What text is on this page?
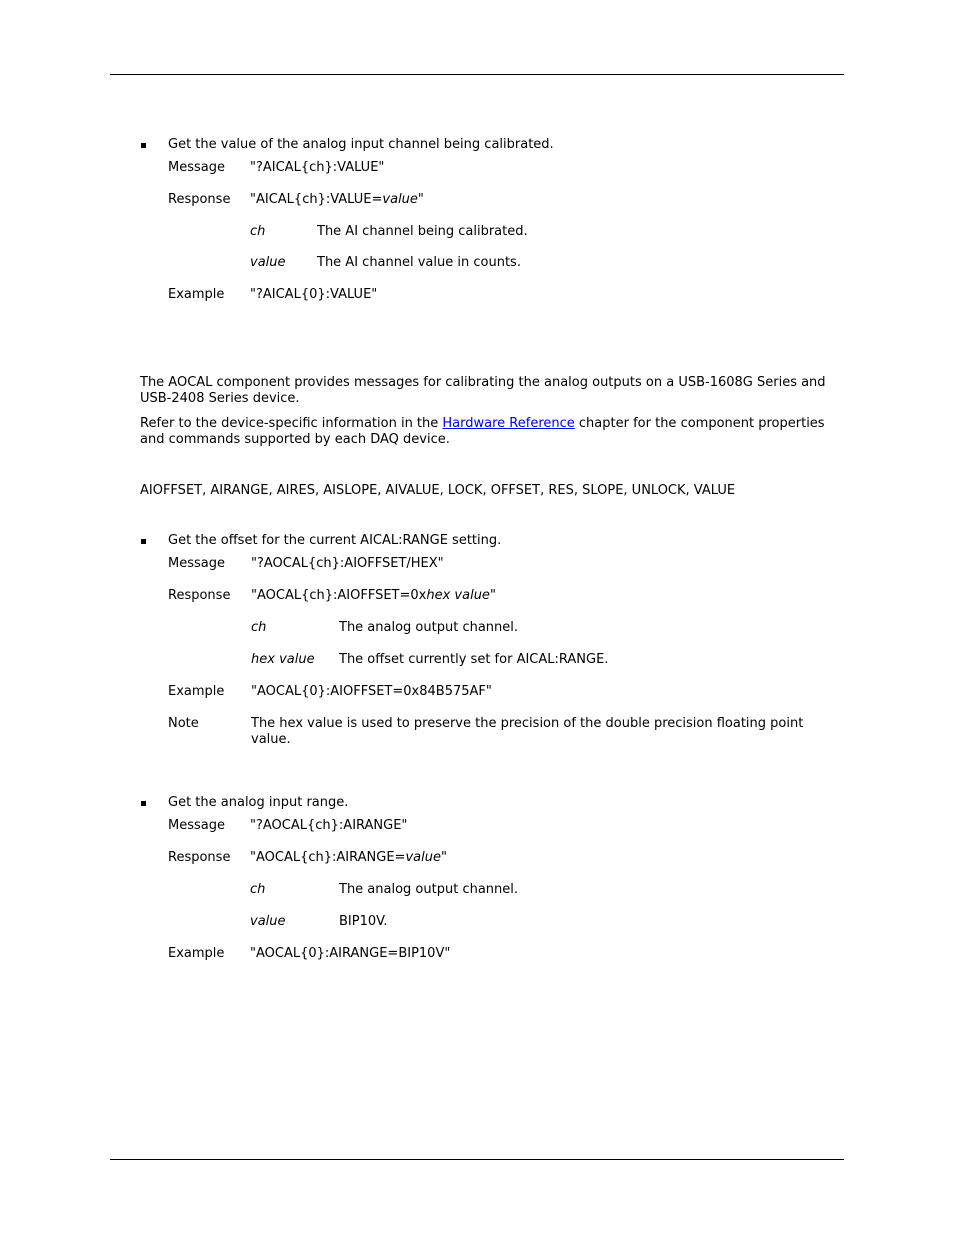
Get the value of the analog input channel being calibrated.
Message "?AICAL{ch}:VALUE"
Response "AICAL{ch}:VALUE=value"
ch	The AI channel being calibrated.
value The AI channel value in counts.
Example "?AICAL{0}:VALUE"
The AOCAL component provides messages for calibrating the analog outputs on a USB-1608G Series and USB-2408 Series device.
Refer to the device-specific information in the Hardware Reference chapter for the component properties and commands supported by each DAQ device.
AIOFFSET, AIRANGE, AIRES, AISLOPE, AIVALUE, LOCK, OFFSET, RES, SLOPE, UNLOCK, VALUE
Get the offset for the current AICAL:RANGE setting.
Message "?AOCAL{ch}:AIOFFSET/HEX"
Response "AOCAL{ch}:AIOFFSET=0xhex value"
ch	The analog output channel.
hex value The offset currently set for AICAL:RANGE.
Example "AOCAL{0}:AIOFFSET=0x84B575AF"
Note	The hex value is used to preserve the precision of the double precision floating point value.
Get the analog input range.
Message "?AOCAL{ch}:AIRANGE"
Response "AOCAL{ch}:AIRANGE=value"
ch	The analog output channel.
value	BIP10V.
Example "AOCAL{0}:AIRANGE=BIP10V"
